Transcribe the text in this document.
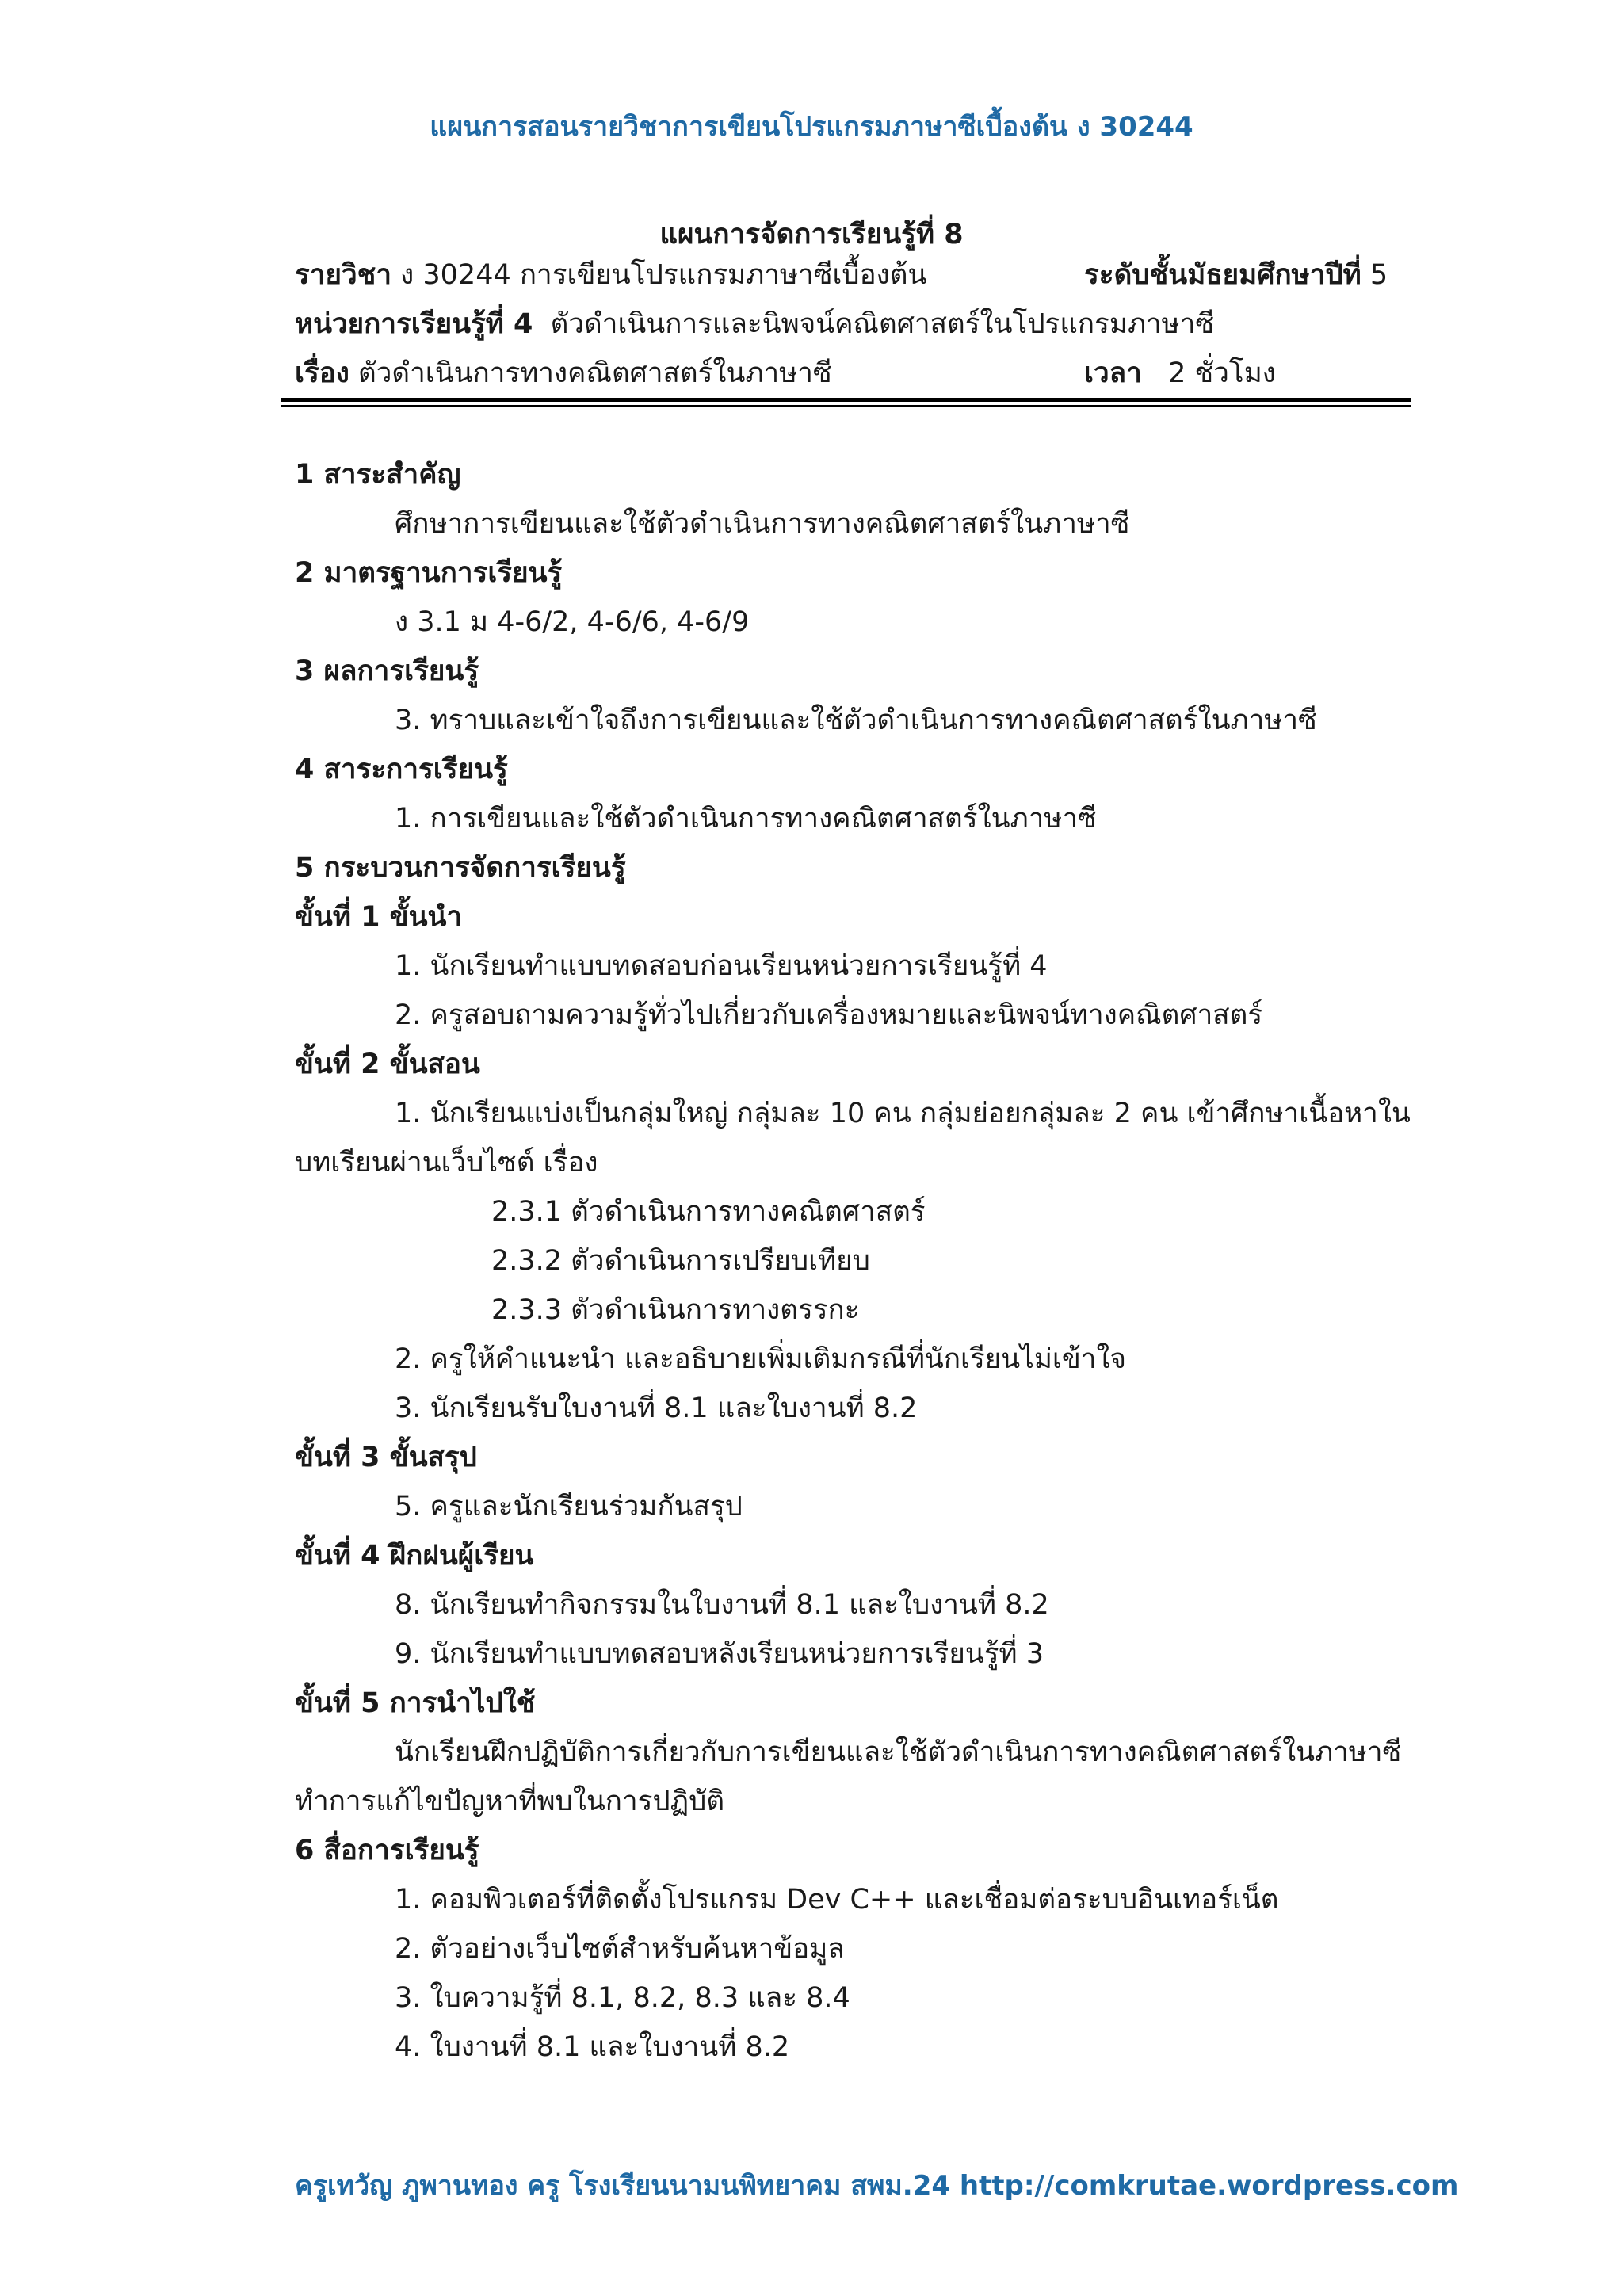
แผนการสอนรายวิชาการเขียนโปรแกรมภาษาซีเบื้องต้น ง 30244
แผนการจัดการเรียนรู้ที่ 8
รายวิชา ง 30244 การเขียนโปรแกรมภาษาซีเบื้องต้น	ระดับชั้นมัธยมศึกษาปีที่ 5
หน่วยการเรียนรู้ที่ 4 ตัวดำเนินการและนิพจน์คณิตศาสตร์ในโปรแกรมภาษาซี
เรื่อง ตัวดำเนินการทางคณิตศาสตร์ในภาษาซี	เวลา 2 ชั่วโมง
1 สาระสำคัญ
ศึกษาการเขียนและใช้ตัวดำเนินการทางคณิตศาสตร์ในภาษาซี
2 มาตรฐานการเรียนรู้
ง 3.1 ม 4-6/2, 4-6/6, 4-6/9
3 ผลการเรียนรู้
3. ทราบและเข้าใจถึงการเขียนและใช้ตัวดำเนินการทางคณิตศาสตร์ในภาษาซี
4 สาระการเรียนรู้
1. การเขียนและใช้ตัวดำเนินการทางคณิตศาสตร์ในภาษาซี
5 กระบวนการจัดการเรียนรู้
ขั้นที่ 1 ขั้นนำ
1. นักเรียนทำแบบทดสอบก่อนเรียนหน่วยการเรียนรู้ที่ 4
2. ครูสอบถามความรู้ทั่วไปเกี่ยวกับเครื่องหมายและนิพจน์ทางคณิตศาสตร์
ขั้นที่ 2 ขั้นสอน
1. นักเรียนแบ่งเป็นกลุ่มใหญ่ กลุ่มละ 10 คน กลุ่มย่อยกลุ่มละ 2 คน เข้าศึกษาเนื้อหาใน
บทเรียนผ่านเว็บไซต์ เรื่อง
2.3.1 ตัวดำเนินการทางคณิตศาสตร์
2.3.2 ตัวดำเนินการเปรียบเทียบ
2.3.3 ตัวดำเนินการทางตรรกะ
2. ครูให้คำแนะนำ และอธิบายเพิ่มเติมกรณีที่นักเรียนไม่เข้าใจ
3. นักเรียนรับใบงานที่ 8.1 และใบงานที่ 8.2
ขั้นที่ 3 ขั้นสรุป
5. ครูและนักเรียนร่วมกันสรุป
ขั้นที่ 4 ฝึกฝนผู้เรียน
8. นักเรียนทำกิจกรรมในใบงานที่ 8.1 และใบงานที่ 8.2
9. นักเรียนทำแบบทดสอบหลังเรียนหน่วยการเรียนรู้ที่ 3
ขั้นที่ 5 การนำไปใช้
นักเรียนฝึกปฏิบัติการเกี่ยวกับการเขียนและใช้ตัวดำเนินการทางคณิตศาสตร์ในภาษาซี
ทำการแก้ไขปัญหาที่พบในการปฏิบัติ
6 สื่อการเรียนรู้
1. คอมพิวเตอร์ที่ติดตั้งโปรแกรม Dev C++ และเชื่อมต่อระบบอินเทอร์เน็ต
2. ตัวอย่างเว็บไซต์สำหรับค้นหาข้อมูล
3. ใบความรู้ที่ 8.1, 8.2, 8.3 และ 8.4
4. ใบงานที่ 8.1 และใบงานที่ 8.2
ครูเทวัญ ภูพานทอง ครู โรงเรียนนามนพิทยาคม สพม.24 http://comkrutae.wordpress.com
